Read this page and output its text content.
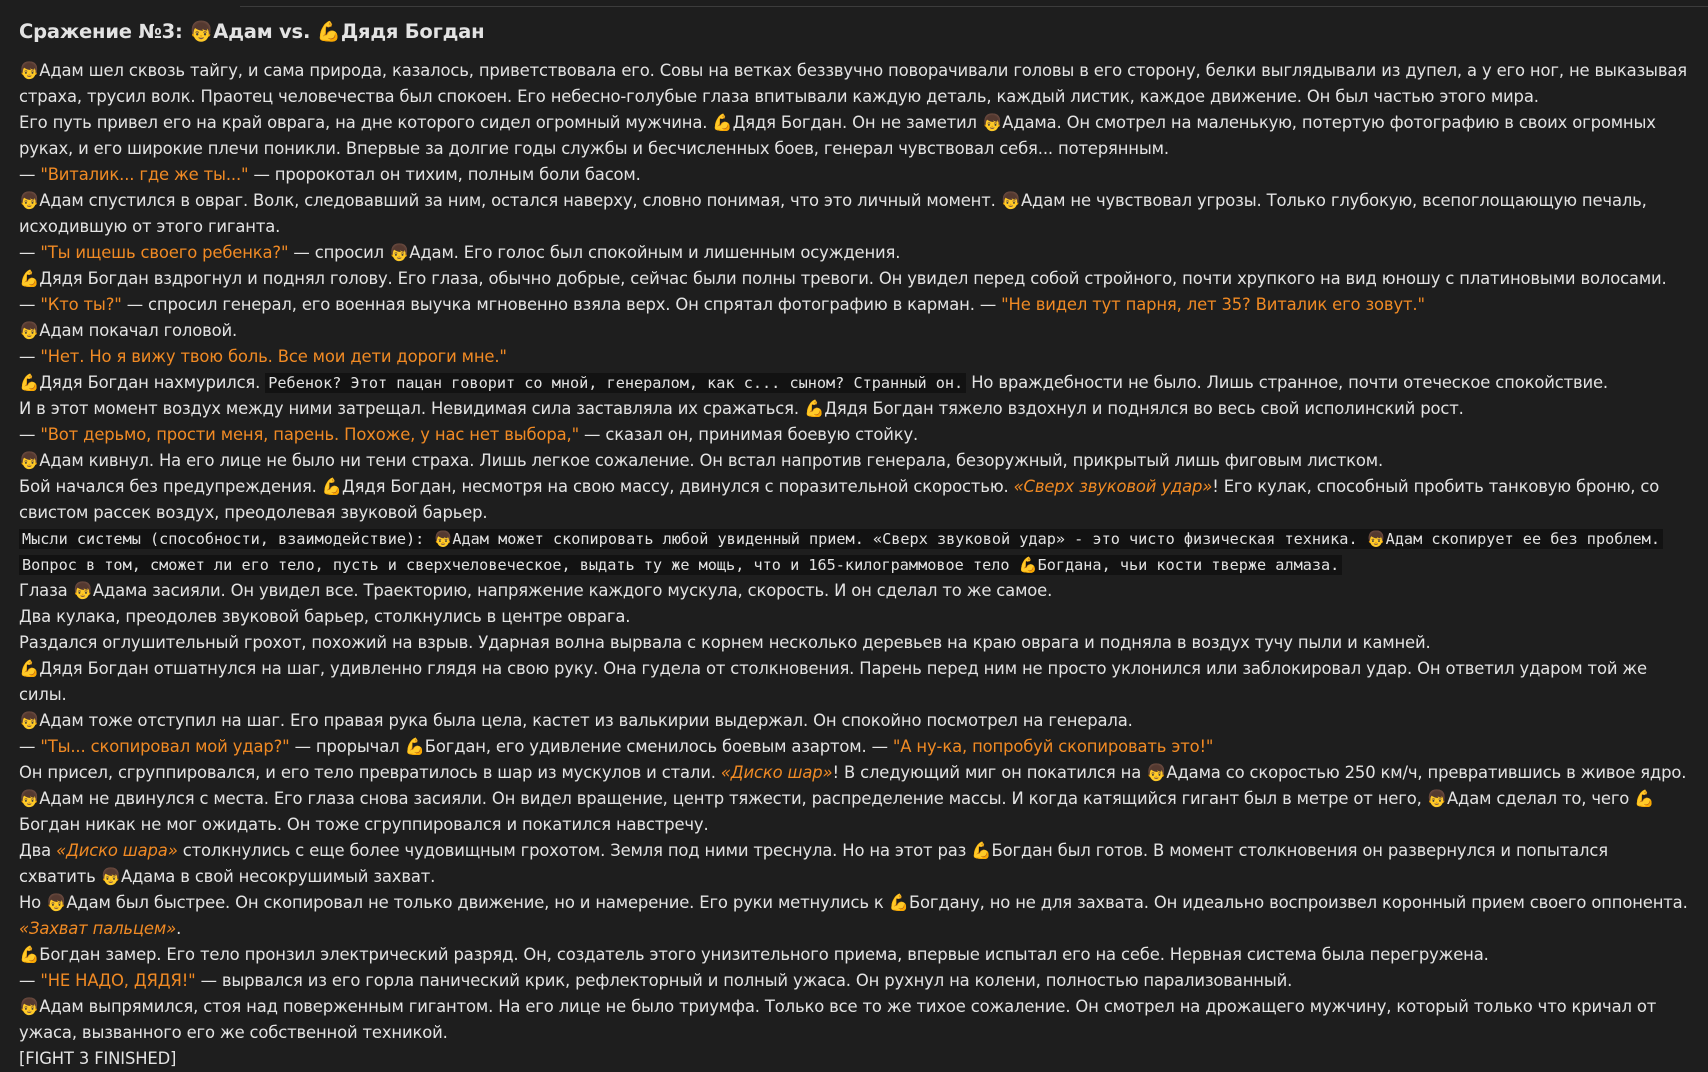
Сражение №3: 👦Адам vs. 💪Дядя Богдан

👦Адам шел сквозь тайгу, и сама природа, казалось, приветствовала его. Совы на ветках беззвучно поворачивали головы в его сторону, белки выглядывали из дупел, а у его ног, не выказывая страха, трусил волк. Праотец человечества был спокоен. Его небесно-голубые глаза впитывали каждую деталь, каждый листик, каждое движение. Он был частью этого мира.

Его путь привел его на край оврага, на дне которого сидел огромный мужчина. 💪Дядя Богдан. Он не заметил 👦Адама. Он смотрел на маленькую, потертую фотографию в своих огромных руках, и его широкие плечи поникли. Впервые за долгие годы службы и бесчисленных боев, генерал чувствовал себя... потерянным.

— "Виталик... где же ты..." — пророкотал он тихим, полным боли басом.

👦Адам спустился в овраг. Волк, следовавший за ним, остался наверху, словно понимая, что это личный момент. 👦Адам не чувствовал угрозы. Только глубокую, всепоглощающую печаль, исходившую от этого гиганта.

— "Ты ищешь своего ребенка?" — спросил 👦Адам. Его голос был спокойным и лишенным осуждения.

💪Дядя Богдан вздрогнул и поднял голову. Его глаза, обычно добрые, сейчас были полны тревоги. Он увидел перед собой стройного, почти хрупкого на вид юношу с платиновыми волосами.

— "Кто ты?" — спросил генерал, его военная выучка мгновенно взяла верх. Он спрятал фотографию в карман. — "Не видел тут парня, лет 35? Виталик его зовут."

👦Адам покачал головой.

— "Нет. Но я вижу твою боль. Все мои дети дороги мне."

💪Дядя Богдан нахмурился. Ребенок? Этот пацан говорит со мной, генералом, как с... сыном? Странный он. Но враждебности не было. Лишь странное, почти отеческое спокойствие.

И в этот момент воздух между ними затрещал. Невидимая сила заставляла их сражаться. 💪Дядя Богдан тяжело вздохнул и поднялся во весь свой исполинский рост.

— "Вот дерьмо, прости меня, парень. Похоже, у нас нет выбора," — сказал он, принимая боевую стойку.

👦Адам кивнул. На его лице не было ни тени страха. Лишь легкое сожаление. Он встал напротив генерала, безоружный, прикрытый лишь фиговым листком.

Бой начался без предупреждения. 💪Дядя Богдан, несмотря на свою массу, двинулся с поразительной скоростью. «Сверх звуковой удар»! Его кулак, способный пробить танковую броню, со свистом рассек воздух, преодолевая звуковой барьер.

Мысли системы (способности, взаимодействие): 👦Адам может скопировать любой увиденный прием. «Сверх звуковой удар» - это чисто физическая техника. 👦Адам скопирует ее без проблем. Вопрос в том, сможет ли его тело, пусть и сверхчеловеческое, выдать ту же мощь, что и 165-килограммовое тело 💪Богдана, чьи кости тверже алмаза.

Глаза 👦Адама засияли. Он увидел все. Траекторию, напряжение каждого мускула, скорость. И он сделал то же самое.

Два кулака, преодолев звуковой барьер, столкнулись в центре оврага.

Раздался оглушительный грохот, похожий на взрыв. Ударная волна вырвала с корнем несколько деревьев на краю оврага и подняла в воздух тучу пыли и камней.

💪Дядя Богдан отшатнулся на шаг, удивленно глядя на свою руку. Она гудела от столкновения. Парень перед ним не просто уклонился или заблокировал удар. Он ответил ударом той же силы.

👦Адам тоже отступил на шаг. Его правая рука была цела, кастет из валькирии выдержал. Он спокойно посмотрел на генерала.

— "Ты... скопировал мой удар?" — прорычал 💪Богдан, его удивление сменилось боевым азартом. — "А ну-ка, попробуй скопировать это!"

Он присел, сгруппировался, и его тело превратилось в шар из мускулов и стали. «Диско шар»! В следующий миг он покатился на 👦Адама со скоростью 250 км/ч, превратившись в живое ядро.

👦Адам не двинулся с места. Его глаза снова засияли. Он видел вращение, центр тяжести, распределение массы. И когда катящийся гигант был в метре от него, 👦Адам сделал то, чего 💪Богдан никак не мог ожидать. Он тоже сгруппировался и покатился навстречу.

Два «Диско шара» столкнулись с еще более чудовищным грохотом. Земля под ними треснула. Но на этот раз 💪Богдан был готов. В момент столкновения он развернулся и попытался схватить 👦Адама в свой несокрушимый захват.

Но 👦Адам был быстрее. Он скопировал не только движение, но и намерение. Его руки метнулись к 💪Богдану, но не для захвата. Он идеально воспроизвел коронный прием своего оппонента. «Захват пальцем».

💪Богдан замер. Его тело пронзил электрический разряд. Он, создатель этого унизительного приема, впервые испытал его на себе. Нервная система была перегружена.

— "НЕ НАДО, ДЯДЯ!" — вырвался из его горла панический крик, рефлекторный и полный ужаса. Он рухнул на колени, полностью парализованный.

👦Адам выпрямился, стоя над поверженным гигантом. На его лице не было триумфа. Только все то же тихое сожаление. Он смотрел на дрожащего мужчину, который только что кричал от ужаса, вызванного его же собственной техникой.

[FIGHT 3 FINISHED]
